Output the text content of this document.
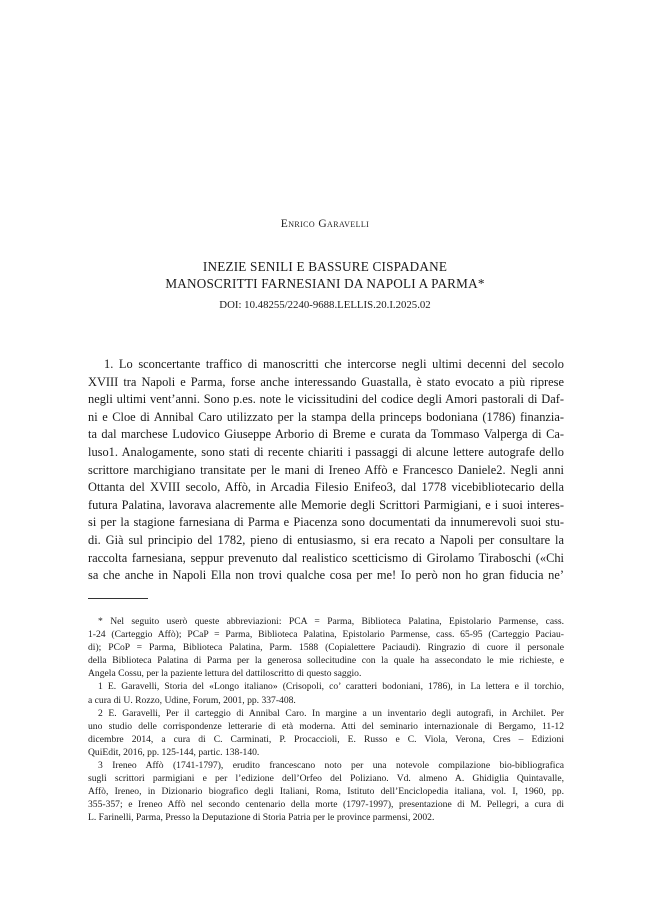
Enrico Garavelli
INEZIE SENILI E BASSURE CISPADANE
MANOSCRITTI FARNESIANI DA NAPOLI A PARMA*
DOI: 10.48255/2240-9688.LELLIS.20.I.2025.02
1. Lo sconcertante traffico di manoscritti che intercorse negli ultimi decenni del secolo
XVIII tra Napoli e Parma, forse anche interessando Guastalla, è stato evocato a più riprese
negli ultimi vent’anni. Sono p.es. note le vicissitudini del codice degli Amori pastorali di Daf-
ni e Cloe di Annibal Caro utilizzato per la stampa della princeps bodoniana (1786) finanzia-
ta dal marchese Ludovico Giuseppe Arborio di Breme e curata da Tommaso Valperga di Ca-
luso1. Analogamente, sono stati di recente chiariti i passaggi di alcune lettere autografe dello
scrittore marchigiano transitate per le mani di Ireneo Affò e Francesco Daniele2. Negli anni
Ottanta del XVIII secolo, Affò, in Arcadia Filesio Enifeo3, dal 1778 vicebibliotecario della
futura Palatina, lavorava alacremente alle Memorie degli Scrittori Parmigiani, e i suoi interes-
si per la stagione farnesiana di Parma e Piacenza sono documentati da innumerevoli suoi stu-
di. Già sul principio del 1782, pieno di entusiasmo, si era recato a Napoli per consultare la
raccolta farnesiana, seppur prevenuto dal realistico scetticismo di Girolamo Tiraboschi («Chi
sa che anche in Napoli Ella non trovi qualche cosa per me! Io però non ho gran fiducia ne’
* Nel seguito userò queste abbreviazioni: PCA = Parma, Biblioteca Palatina, Epistolario Parmense, cass.
1-24 (Carteggio Affò); PCaP = Parma, Biblioteca Palatina, Epistolario Parmense, cass. 65-95 (Carteggio Paciau-
di); PCoP = Parma, Biblioteca Palatina, Parm. 1588 (Copialettere Paciaudi). Ringrazio di cuore il personale
della Biblioteca Palatina di Parma per la generosa sollecitudine con la quale ha assecondato le mie richieste, e
Angela Cossu, per la paziente lettura del dattiloscritto di questo saggio.
1 E. Garavelli, Storia del «Longo italiano» (Crisopoli, co’ caratteri bodoniani, 1786), in La lettera e il torchio,
a cura di U. Rozzo, Udine, Forum, 2001, pp. 337-408.
2 E. Garavelli, Per il carteggio di Annibal Caro. In margine a un inventario degli autografi, in Archilet. Per
uno studio delle corrispondenze letterarie di età moderna. Atti del seminario internazionale di Bergamo, 11-12
dicembre 2014, a cura di C. Carminati, P. Procaccioli, E. Russo e C. Viola, Verona, Cres – Edizioni
QuiEdit, 2016, pp. 125-144, partic. 138-140.
3 Ireneo Affò (1741-1797), erudito francescano noto per una notevole compilazione bio-bibliografica
sugli scrittori parmigiani e per l’edizione dell’Orfeo del Poliziano. Vd. almeno A. Ghidiglia Quintavalle,
Affò, Ireneo, in Dizionario biografico degli Italiani, Roma, Istituto dell’Enciclopedia italiana, vol. I, 1960, pp.
355-357; e Ireneo Affò nel secondo centenario della morte (1797-1997), presentazione di M. Pellegri, a cura di
L. Farinelli, Parma, Presso la Deputazione di Storia Patria per le province parmensi, 2002.
